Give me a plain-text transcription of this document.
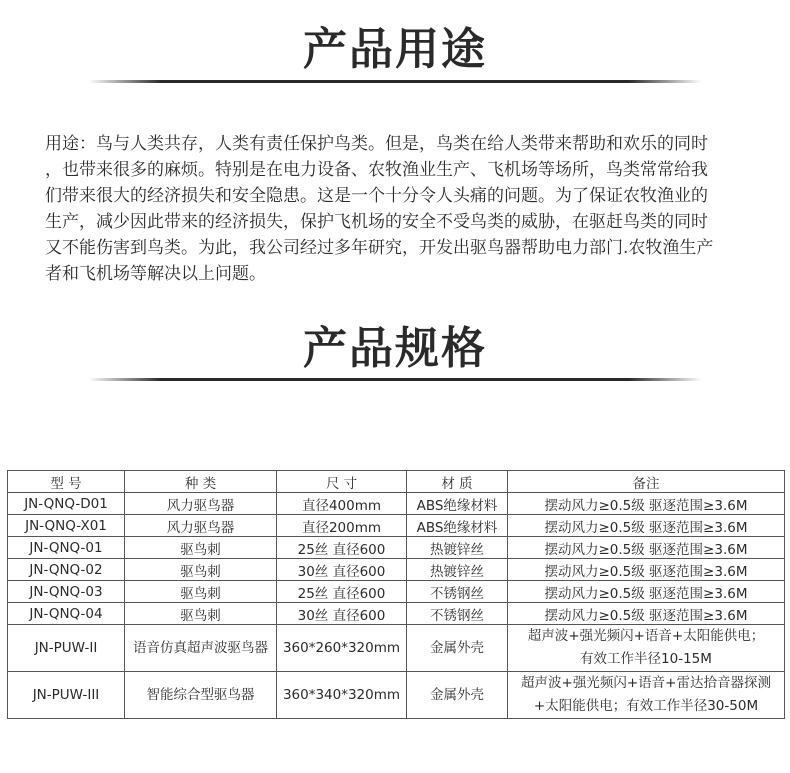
产品用途
用途：鸟与人类共存，人类有责任保护鸟类。但是，鸟类在给人类带来帮助和欢乐的同时
，也带来很多的麻烦。特别是在电力设备、农牧渔业生产、飞机场等场所，鸟类常常给我
们带来很大的经济损失和安全隐患。这是一个十分令人头痛的问题。为了保证农牧渔业的
生产，减少因此带来的经济损失，保护飞机场的安全不受鸟类的威胁，在驱赶鸟类的同时
又不能伤害到鸟类。为此，我公司经过多年研究，开发出驱鸟器帮助电力部门.农牧渔生产
者和飞机场等解决以上问题。
产品规格
型 号	种 类	尺 寸	材 质	备注
JN-QNQ-D01	风力驱鸟器	直径400mm	ABS绝缘材料	摆动风力≥0.5级 驱逐范围≥3.6M
JN-QNQ-X01	风力驱鸟器	直径200mm	ABS绝缘材料	摆动风力≥0.5级 驱逐范围≥3.6M
JN-QNQ-01	驱鸟刺	25丝 直径600	热镀锌丝	摆动风力≥0.5级 驱逐范围≥3.6M
JN-QNQ-02	驱鸟刺	30丝 直径600	热镀锌丝	摆动风力≥0.5级 驱逐范围≥3.6M
JN-QNQ-03	驱鸟刺	25丝 直径600	不锈钢丝	摆动风力≥0.5级 驱逐范围≥3.6M
JN-QNQ-04	驱鸟刺	30丝 直径600	不锈钢丝	摆动风力≥0.5级 驱逐范围≥3.6M
JN-PUW-II	语音仿真超声波驱鸟器	360*260*320mm	金属外壳	超声波+强光频闪+语音+太阳能供电；
有效工作半径10-15M

JN-PUW-III	智能综合型驱鸟器	360*340*320mm	金属外壳	超声波+强光频闪+语音+雷达拾音器探测
+太阳能供电；有效工作半径30-50M
